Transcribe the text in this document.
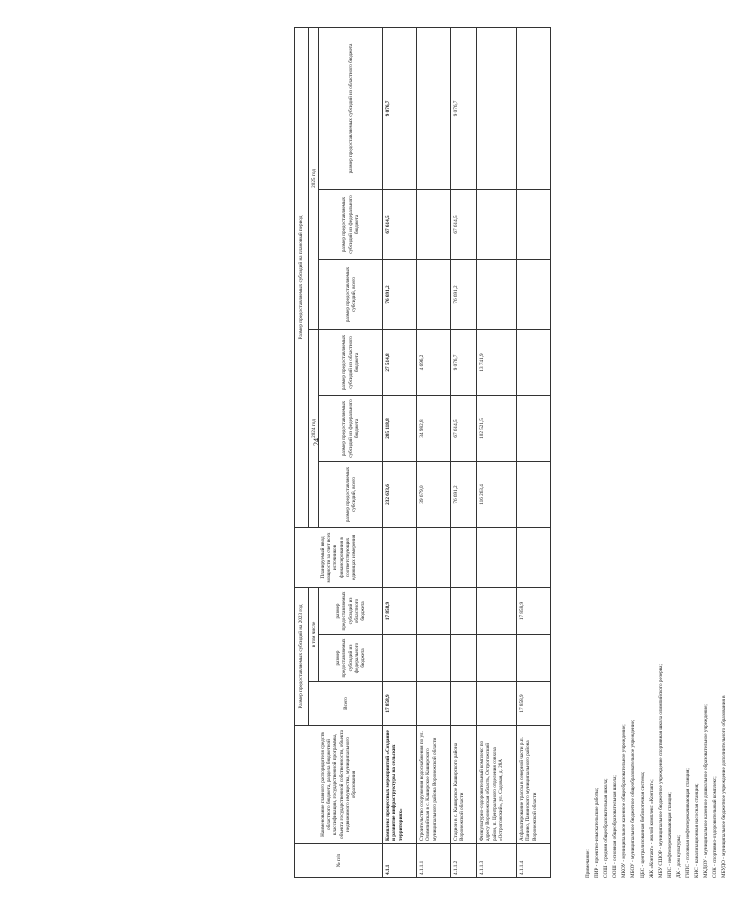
24
№ п/п	Наименование главного распорядителя средств областного бюджета, раздела бюджетной классификации, государственной программы, объекта государственной собственности, объекта недвижимого имущества, муниципального образования	Размер предоставляемых субсидий на 2023 год			Планируемый ввод мощности за счет всех источников финансирования в соответствующих единицах измерения	Размер предоставляемых субсидий на плановый период					
		Всего	в том числе			2024 год			2025 год		
			размер предоставляемых субсидий из федерального бюджета	размер предоставляемых субсидий из областного бюджета		размер предоставляемых субсидий, всего	размер предоставляемых субсидий из федерального бюджета	размер предоставляемых субсидий из областного бюджета	размер предоставляемых субсидий, всего	размер предоставляемых субсидий из федерального бюджета	размер предоставляемых субсидий из областного бюджета

4.1.1	Комплекс процессных мероприятий «Создание и развитие инфраструктуры на сельских территориях»	17 858,9		17 858,9		232 633,6	205 118,8	27 514,8	76 691,2	67 614,5	9 076,7
4.1.1.1	Строительство сооружения водоснабжения по ул. Олимпийская в с. Каширское Каширского муниципального района Воронежской области					39 679,0	34 982,8	4 696,2			
4.1.1.2	Стадион в с. Каширское Каширского района Воронежской области					76 691,2	67 614,5	9 076,7	76 691,2	67 614,5	9 076,7
4.1.1.3	Физкультурно-оздоровительный комплекс по адресу Воронежская область, Острогожский район, п. Центрального отделения совхоза «Острогожский», ул. Садовая, д. 28А					116 263,4	102 521,5	13 741,9			
4.1.1.4	Асфальтирование трассы в северной части р.п. Панино, Панинского муниципального района Воронежской области	17 858,9		17 858,9							
Примечание: ПИР - проектно-изыскательские работы; СОШ - средняя общеобразовательная школа; ООШ - основная общеобразовательная школа; МКОУ - муниципальное казенное общеобразовательное учреждение; МБОУ - муниципальное бюджетное общеобразовательное учреждение; ЦБС - централизованная библиотечная система; ЖК «Контакт» - жилой комплекс «Контакт»; МБУ СШОР - муниципальное бюджетное учреждение спортивная школа олимпийского резерва; НПС - нефтеперекачивающая станция; ДК - дом культуры; ГНПС - головная нефтеперекачивающая станция; КНС - канализационная насосная станция; МКДОУ - муниципальное казенное дошкольное образовательное учреждение; СОК - спортивно-оздоровительный комплекс; МБУДО - муниципальное бюджетное учреждение дополнительного образования в
